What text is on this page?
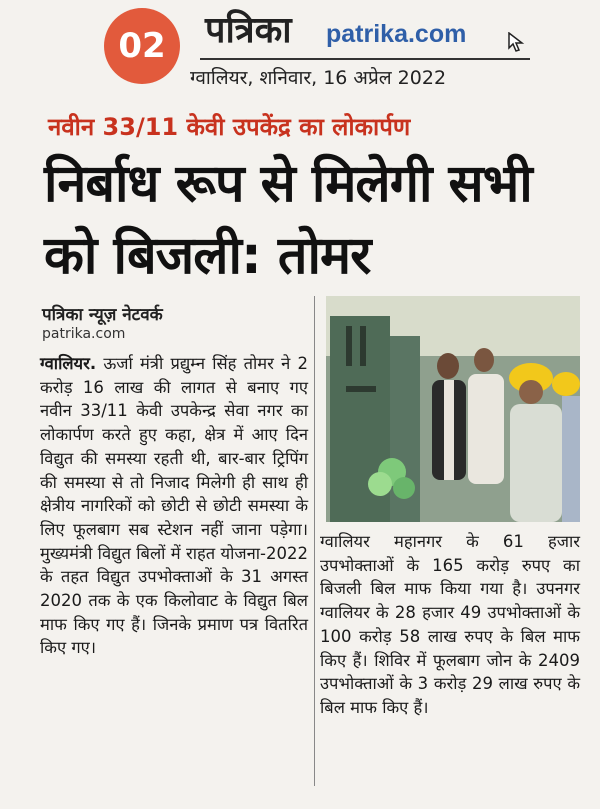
02	पत्रिका patrika.com
ग्वालियर, शनिवार, 16 अप्रेल 2022
नवीन 33/11 केवी उपकेंद्र का लोकार्पण
निर्बाध रूप से मिलेगी सभी को बिजली: तोमर
पत्रिका न्यूज़ नेटवर्क
patrika.com
ग्वालियर. ऊर्जा मंत्री प्रद्युम्न सिंह तोमर ने 2 करोड़ 16 लाख की लागत से बनाए गए नवीन 33/11 केवी उपकेन्द्र सेवा नगर का लोकार्पण करते हुए कहा, क्षेत्र में आए दिन विद्युत की समस्या रहती थी, बार-बार ट्रिपिंग की समस्या से तो निजाद मिलेगी ही साथ ही क्षेत्रीय नागरिकों को छोटी से छोटी समस्या के लिए फूलबाग सब स्टेशन नहीं जाना पड़ेगा। मुख्यमंत्री विद्युत बिलों में राहत योजना-2022 के तहत विद्युत उपभोक्ताओं के 31 अगस्त 2020 तक के एक किलोवाट के विद्युत बिल माफ किए गए हैं। जिनके प्रमाण पत्र वितरित किए गए।
ग्वालियर महानगर के 61 हजार उपभोक्ताओं के 165 करोड़ रुपए का बिजली बिल माफ किया गया है। उपनगर ग्वालियर के 28 हजार 49 उपभोक्ताओं के 100 करोड़ 58 लाख रुपए के बिल माफ किए हैं। शिविर में फूलबाग जोन के 2409 उपभोक्ताओं के 3 करोड़ 29 लाख रुपए के बिल माफ किए हैं।
